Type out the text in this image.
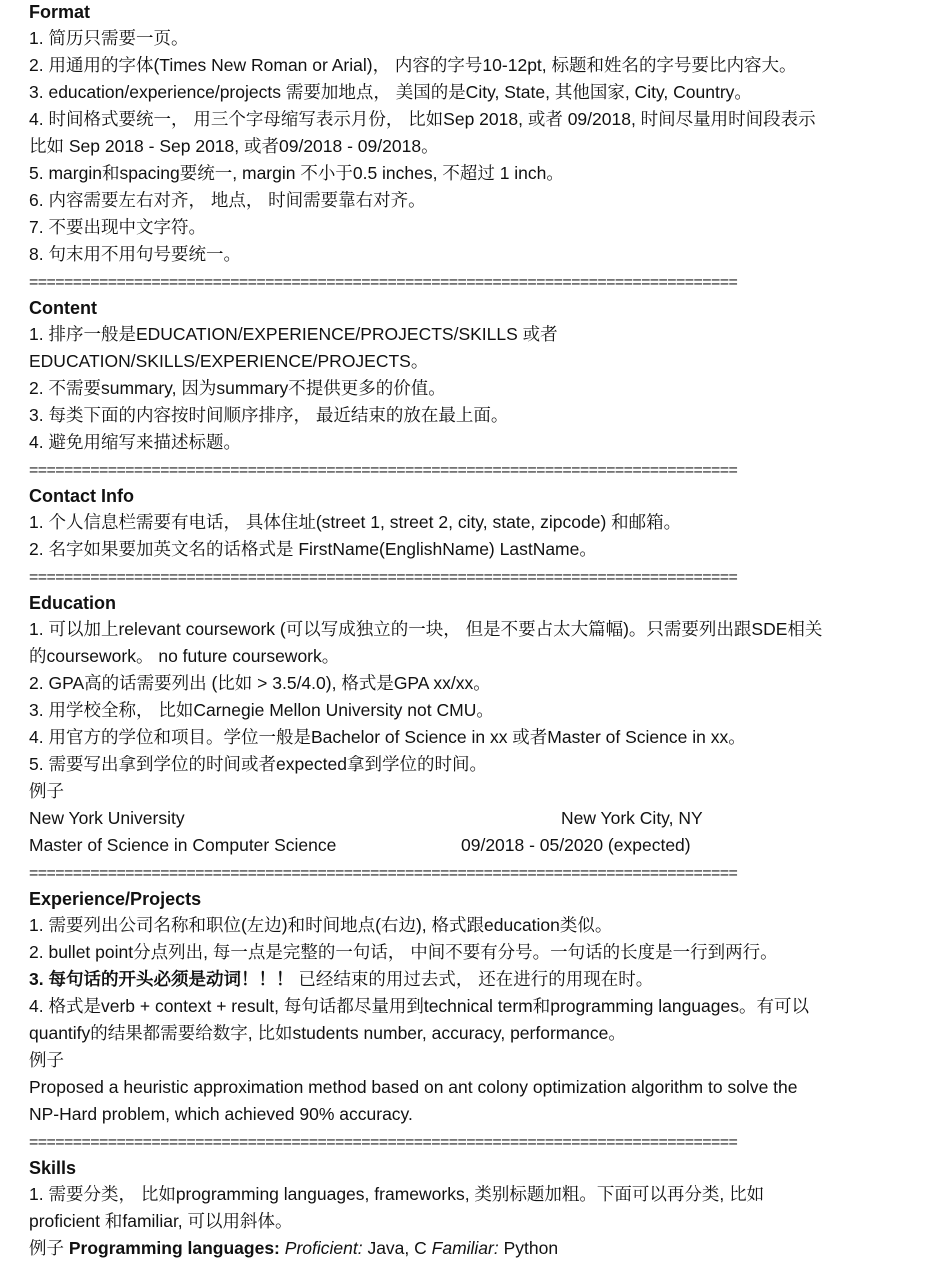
Format
1. 简历只需要一页。
2. 用通用的字体(Times New Roman or Arial)， 内容的字号10-12pt, 标题和姓名的字号要比内容大。
3. education/experience/projects 需要加地点， 美国的是City, State, 其他国家, City, Country。
4. 时间格式要统一， 用三个字母缩写表示月份， 比如Sep 2018, 或者 09/2018, 时间尽量用时间段表示
比如 Sep 2018 - Sep 2018, 或者09/2018 - 09/2018。
5. margin和spacing要统一, margin 不小于0.5 inches, 不超过 1 inch。
6. 内容需要左右对齐， 地点， 时间需要靠右对齐。
7. 不要出现中文字符。
8. 句末用不用句号要统一。
=================================================================================
Content
1. 排序一般是EDUCATION/EXPERIENCE/PROJECTS/SKILLS 或者
EDUCATION/SKILLS/EXPERIENCE/PROJECTS。
2. 不需要summary, 因为summary不提供更多的价值。
3. 每类下面的内容按时间顺序排序， 最近结束的放在最上面。
4. 避免用缩写来描述标题。
=================================================================================
Contact Info
1. 个人信息栏需要有电话， 具体住址(street 1, street 2, city, state, zipcode) 和邮箱。
2. 名字如果要加英文名的话格式是 FirstName(EnglishName) LastName。
=================================================================================
Education
1. 可以加上relevant coursework (可以写成独立的一块， 但是不要占太大篇幅)。只需要列出跟SDE相关
的coursework。 no future coursework。
2. GPA高的话需要列出 (比如 > 3.5/4.0), 格式是GPA xx/xx。
3. 用学校全称， 比如Carnegie Mellon University not CMU。
4. 用官方的学位和项目。学位一般是Bachelor of Science in xx 或者Master of Science in xx。
5. 需要写出拿到学位的时间或者expected拿到学位的时间。
例子
New York University	New York City, NY
Master of Science in Computer Science	09/2018 - 05/2020 (expected)
=================================================================================
Experience/Projects
1. 需要列出公司名称和职位(左边)和时间地点(右边), 格式跟education类似。
2. bullet point分点列出, 每一点是完整的一句话， 中间不要有分号。一句话的长度是一行到两行。
3. 每句话的开头必须是动词！！！ 已经结束的用过去式， 还在进行的用现在时。
4. 格式是verb + context + result, 每句话都尽量用到technical term和programming languages。有可以
quantify的结果都需要给数字, 比如students number, accuracy, performance。
例子
Proposed a heuristic approximation method based on ant colony optimization algorithm to solve the
NP-Hard problem, which achieved 90% accuracy.
=================================================================================
Skills
1. 需要分类， 比如programming languages, frameworks, 类别标题加粗。下面可以再分类, 比如
proficient 和familiar, 可以用斜体。
例子 Programming languages: Proficient: Java, C Familiar: Python
